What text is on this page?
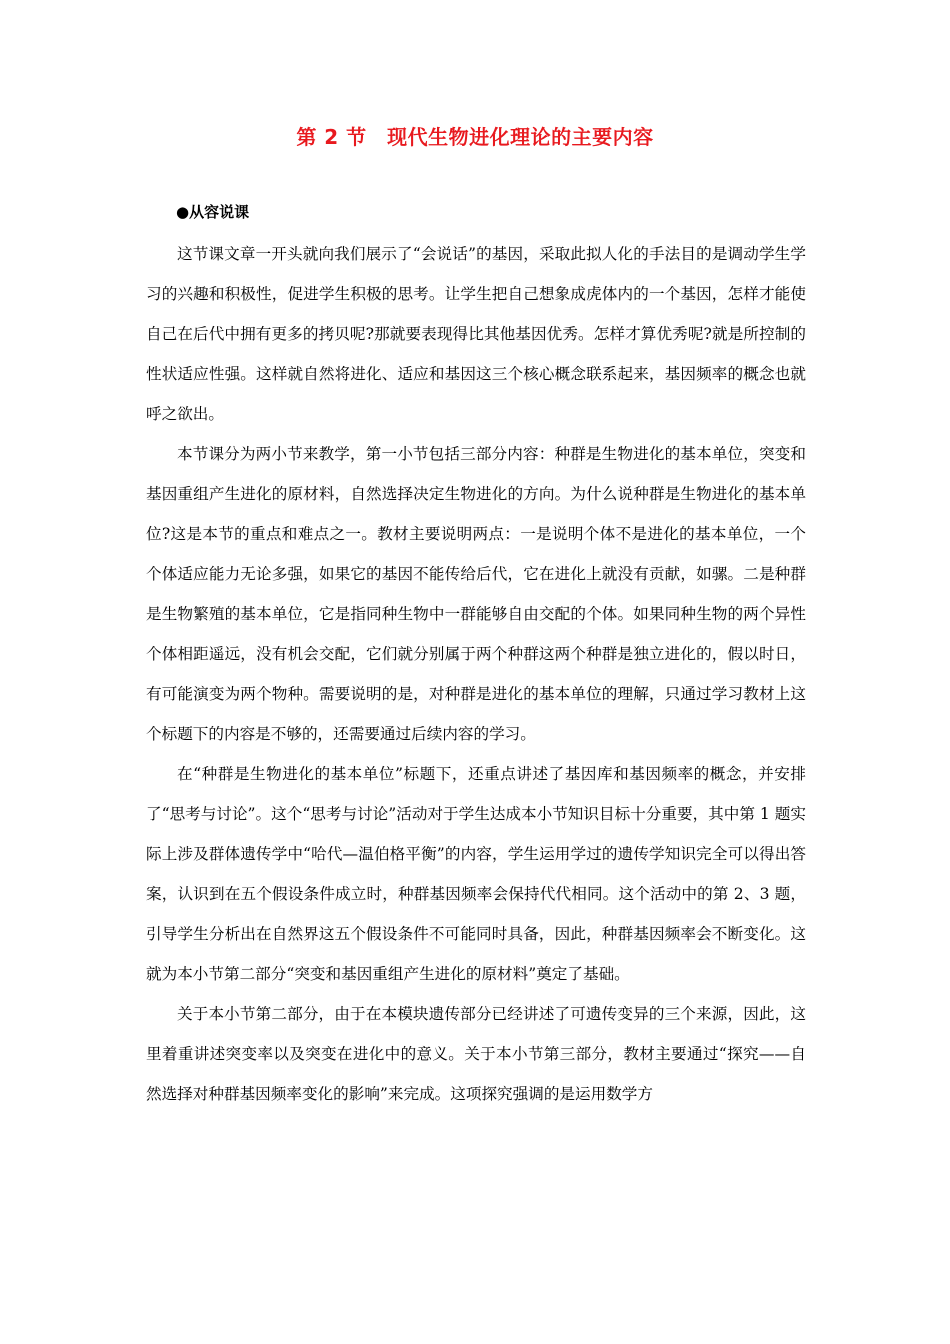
第 2 节　现代生物进化理论的主要内容
●从容说课

这节课文章一开头就向我们展示了“会说话”的基因，采取此拟人化的手法目的是调动学生学习的兴趣和积极性，促进学生积极的思考。让学生把自己想象成虎体内的一个基因，怎样才能使自己在后代中拥有更多的拷贝呢?那就要表现得比其他基因优秀。怎样才算优秀呢?就是所控制的性状适应性强。这样就自然将进化、适应和基因这三个核心概念联系起来，基因频率的概念也就呼之欲出。

本节课分为两小节来教学，第一小节包括三部分内容：种群是生物进化的基本单位，突变和基因重组产生进化的原材料，自然选择决定生物进化的方向。为什么说种群是生物进化的基本单位?这是本节的重点和难点之一。教材主要说明两点：一是说明个体不是进化的基本单位，一个个体适应能力无论多强，如果它的基因不能传给后代，它在进化上就没有贡献，如骡。二是种群是生物繁殖的基本单位，它是指同种生物中一群能够自由交配的个体。如果同种生物的两个异性个体相距遥远，没有机会交配，它们就分别属于两个种群这两个种群是独立进化的，假以时日，有可能演变为两个物种。需要说明的是，对种群是进化的基本单位的理解，只通过学习教材上这个标题下的内容是不够的，还需要通过后续内容的学习。

在“种群是生物进化的基本单位”标题下，还重点讲述了基因库和基因频率的概念，并安排了“思考与讨论”。这个“思考与讨论”活动对于学生达成本小节知识目标十分重要，其中第 1 题实际上涉及群体遗传学中“哈代—温伯格平衡”的内容，学生运用学过的遗传学知识完全可以得出答案，认识到在五个假设条件成立时，种群基因频率会保持代代相同。这个活动中的第 2、3 题，引导学生分析出在自然界这五个假设条件不可能同时具备，因此，种群基因频率会不断变化。这就为本小节第二部分“突变和基因重组产生进化的原材料”奠定了基础。

关于本小节第二部分，由于在本模块遗传部分已经讲述了可遗传变异的三个来源，因此，这里着重讲述突变率以及突变在进化中的意义。关于本小节第三部分，教材主要通过“探究——自然选择对种群基因频率变化的影响”来完成。这项探究强调的是运用数学方
